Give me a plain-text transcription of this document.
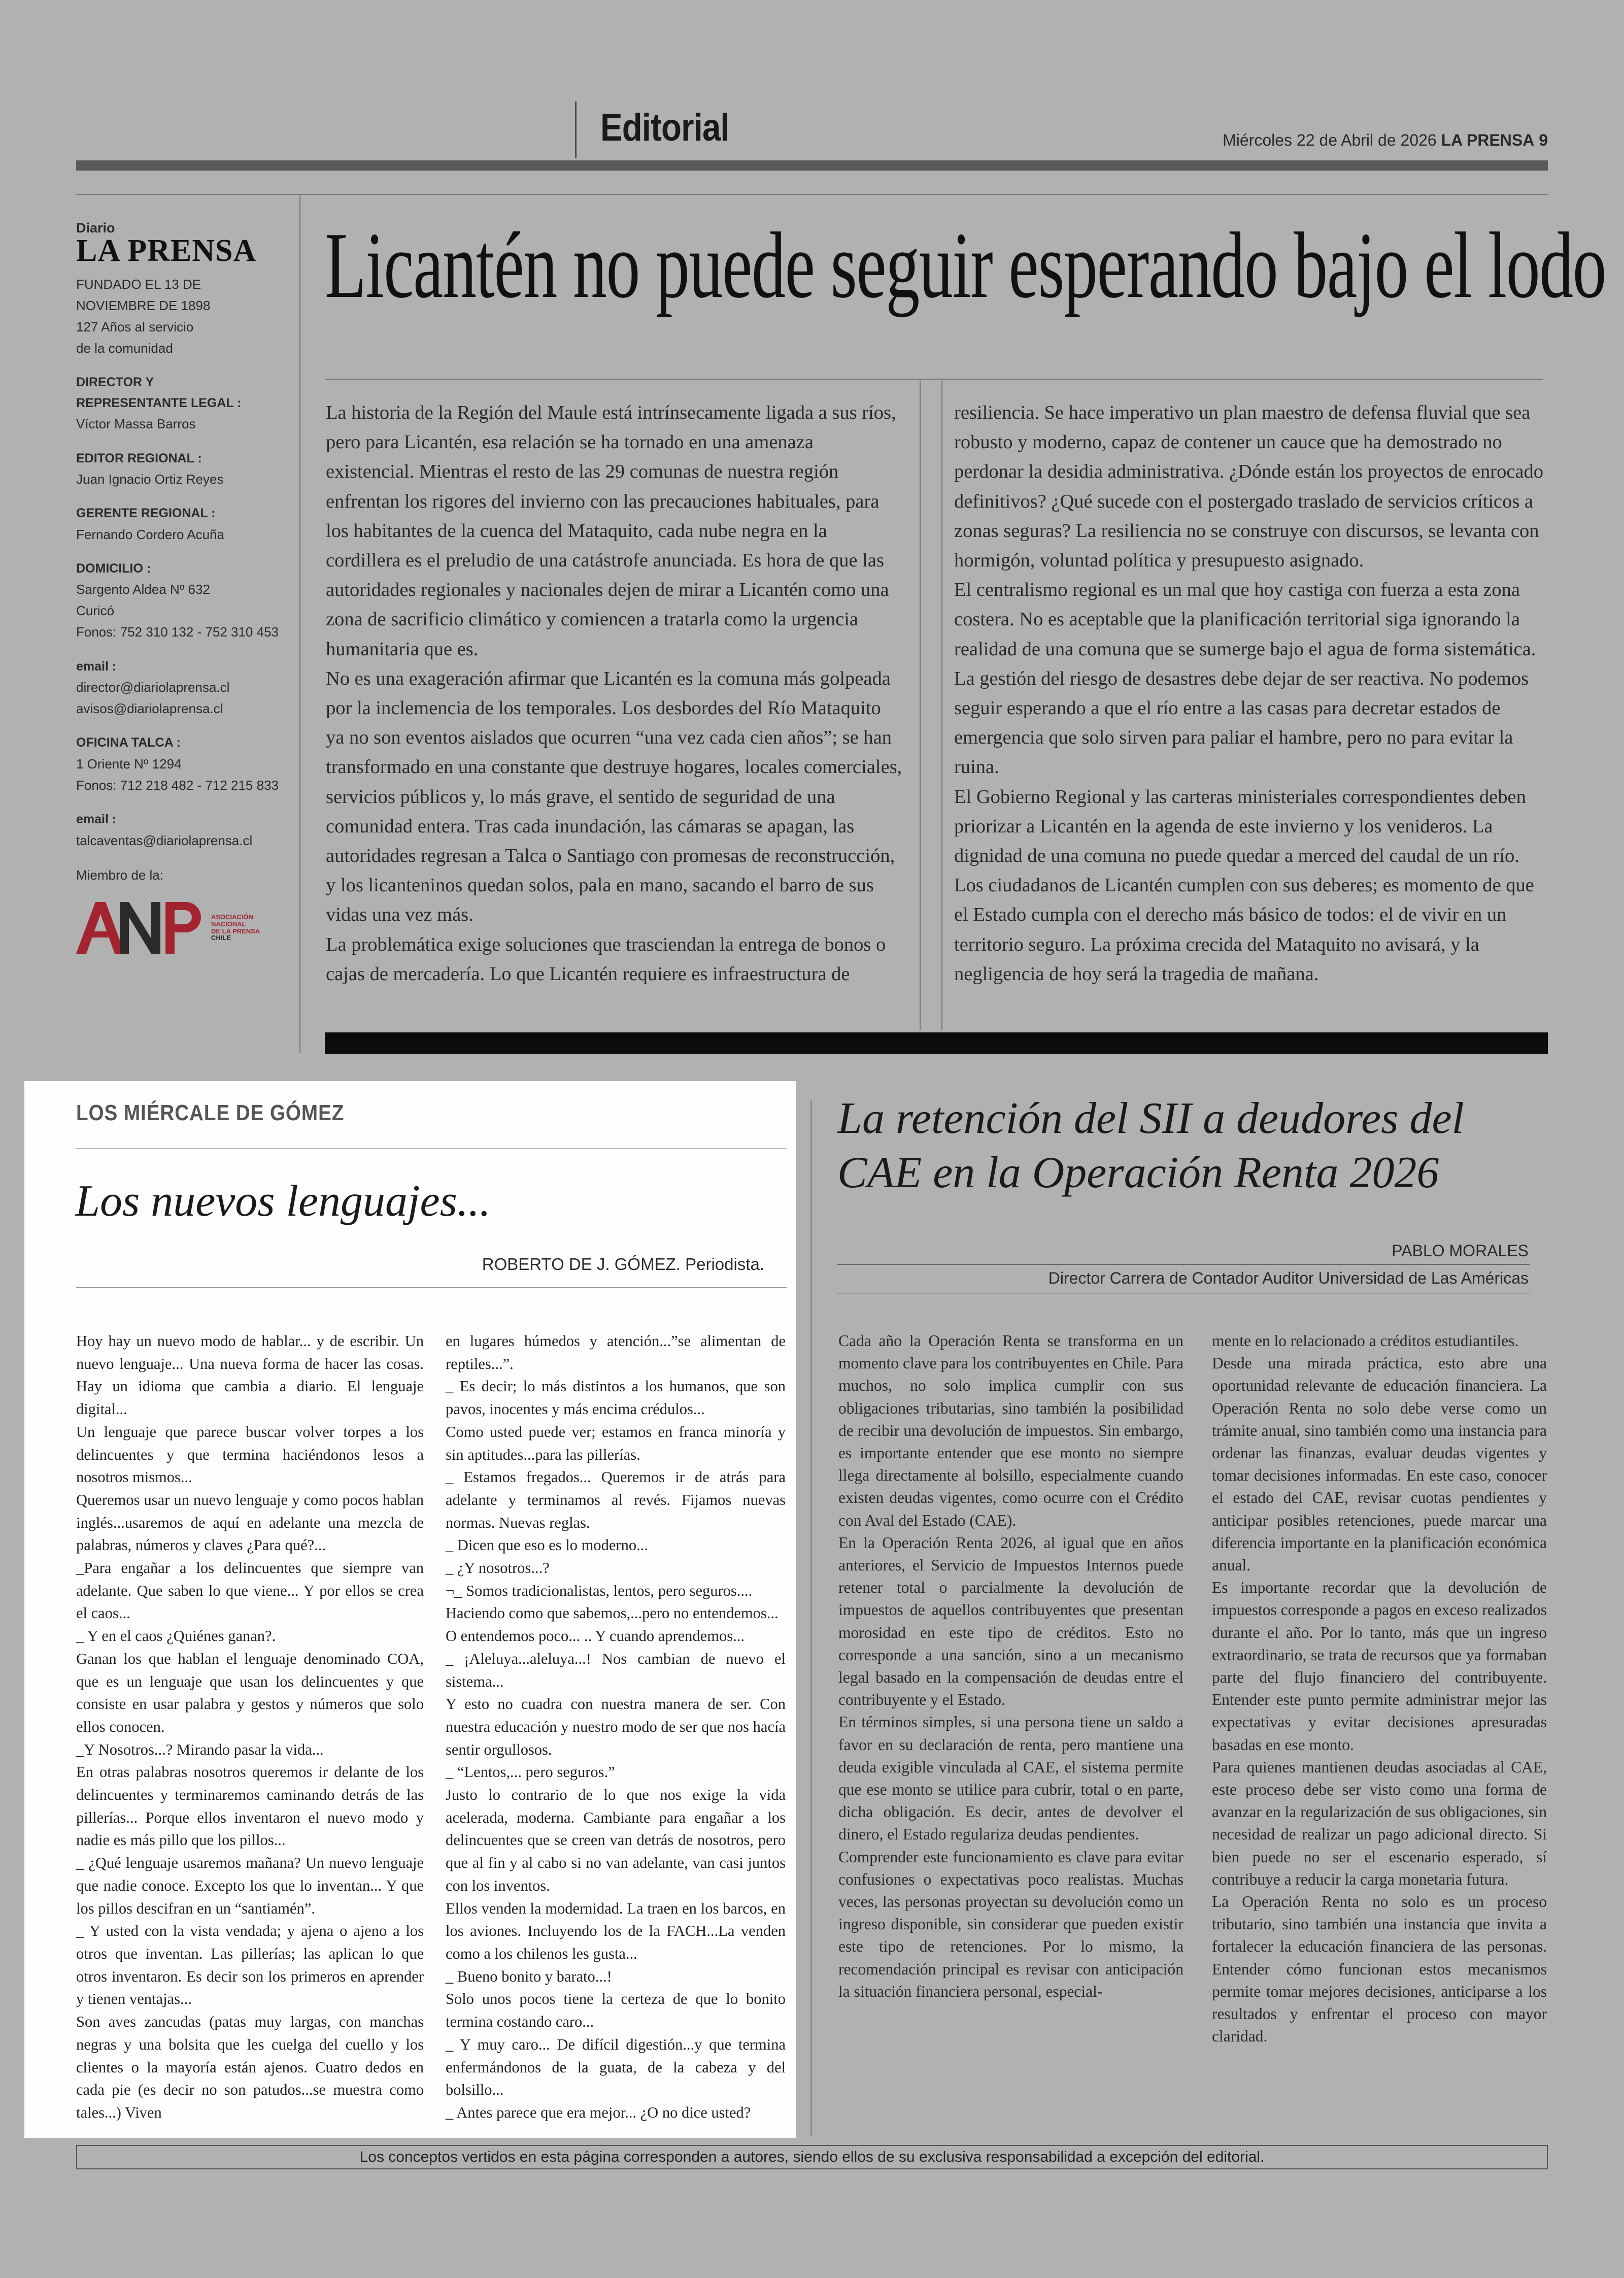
Editorial	Miércoles 22 de Abril de 2026 LA PRENSA 9
Diario
LA PRENSA

FUNDADO EL 13 DE

NOVIEMBRE DE 1898

127 Años al servicio

de la comunidad

DIRECTOR Y
REPRESENTANTE LEGAL :

Víctor Massa Barros

EDITOR REGIONAL :

Juan Ignacio Ortiz Reyes

GERENTE REGIONAL :

Fernando Cordero Acuña

DOMICILIO :

Sargento Aldea Nº 632

Curicó

Fonos: 752 310 132 - 752 310 453

email :

director@diariolaprensa.cl

avisos@diariolaprensa.cl

OFICINA TALCA :

1 Oriente Nº 1294

Fonos: 712 218 482 - 712 215 833

email :

talcaventas@diariolaprensa.cl

Miembro de la:

ASOCIACIÓN
NACIONAL
DE LA PRENSA
CHILE
Licantén no puede seguir esperando bajo el lodo

La historia de la Región del Maule está intrínsecamente ligada a sus ríos, pero para Licantén, esa relación se ha tornado en una amenaza existencial. Mientras el resto de las 29 comunas de nuestra región enfrentan los rigores del invierno con las precauciones habituales, para los habitantes de la cuenca del Mataquito, cada nube negra en la cordillera es el preludio de una catástrofe anunciada. Es hora de que las autoridades regionales y nacionales dejen de mirar a Licantén como una zona de sacrificio climático y comiencen a tratarla como la urgencia humanitaria que es.

No es una exageración afirmar que Licantén es la comuna más golpeada por la inclemencia de los temporales. Los desbordes del Río Mataquito ya no son eventos aislados que ocurren “una vez cada cien años”; se han transformado en una constante que destruye hogares, locales comerciales, servicios públicos y, lo más grave, el sentido de seguridad de una comunidad entera. Tras cada inundación, las cámaras se apagan, las autoridades regresan a Talca o Santiago con promesas de reconstrucción, y los licanteninos quedan solos, pala en mano, sacando el barro de sus vidas una vez más.

La problemática exige soluciones que trasciendan la entrega de bonos o cajas de mercadería. Lo que Licantén requiere es infraestructura de

resiliencia. Se hace imperativo un plan maestro de defensa fluvial que sea robusto y moderno, capaz de contener un cauce que ha demostrado no perdonar la desidia administrativa. ¿Dónde están los proyectos de enrocado definitivos? ¿Qué sucede con el postergado traslado de servicios críticos a zonas seguras? La resiliencia no se construye con discursos, se levanta con hormigón, voluntad política y presupuesto asignado.

El centralismo regional es un mal que hoy castiga con fuerza a esta zona costera. No es aceptable que la planificación territorial siga ignorando la realidad de una comuna que se sumerge bajo el agua de forma sistemática. La gestión del riesgo de desastres debe dejar de ser reactiva. No podemos seguir esperando a que el río entre a las casas para decretar estados de emergencia que solo sirven para paliar el hambre, pero no para evitar la ruina.

El Gobierno Regional y las carteras ministeriales correspondientes deben priorizar a Licantén en la agenda de este invierno y los venideros. La dignidad de una comuna no puede quedar a merced del caudal de un río. Los ciudadanos de Licantén cumplen con sus deberes; es momento de que el Estado cumpla con el derecho más básico de todos: el de vivir en un territorio seguro. La próxima crecida del Mataquito no avisará, y la negligencia de hoy será la tragedia de mañana.

LOS MIÉRCALE DE GÓMEZ
Los nuevos lenguajes...
ROBERTO DE J. GÓMEZ. Periodista.

Hoy hay un nuevo modo de hablar... y de escribir. Un nuevo lenguaje... Una nueva forma de hacer las cosas. Hay un idioma que cambia a diario. El lenguaje digital...

Un lenguaje que parece buscar volver torpes a los delincuentes y que termina haciéndonos lesos a nosotros mismos...

Queremos usar un nuevo lenguaje y como pocos hablan inglés...usaremos de aquí en adelante una mezcla de palabras, números y claves ¿Para qué?...

_Para engañar a los delincuentes que siempre van adelante. Que saben lo que viene... Y por ellos se crea el caos...

_ Y en el caos ¿Quiénes ganan?.

Ganan los que hablan el lenguaje denominado COA, que es un lenguaje que usan los delincuentes y que consiste en usar palabra y gestos y números que solo ellos conocen.

_Y Nosotros...? Mirando pasar la vida...

En otras palabras nosotros queremos ir delante de los delincuentes y terminaremos caminando detrás de las pillerías... Porque ellos inventaron el nuevo modo y nadie es más pillo que los pillos...

_ ¿Qué lenguaje usaremos mañana? Un nuevo lenguaje que nadie conoce. Excepto los que lo inventan... Y que los pillos descifran en un “santiamén”.

_ Y usted con la vista vendada; y ajena o ajeno a los otros que inventan. Las pillerías; las aplican lo que otros inventaron. Es decir son los primeros en aprender y tienen ventajas...

Son aves zancudas (patas muy largas, con manchas negras y una bolsita que les cuelga del cuello y los clientes o la mayoría están ajenos. Cuatro dedos en cada pie (es decir no son patudos...se muestra como tales...) Viven

en lugares húmedos y atención...”se alimentan de reptiles...”.

_ Es decir; lo más distintos a los humanos, que son pavos, inocentes y más encima crédulos...

Como usted puede ver; estamos en franca minoría y sin aptitudes...para las pillerías.

_ Estamos fregados... Queremos ir de atrás para adelante y terminamos al revés. Fijamos nuevas normas. Nuevas reglas.

_ Dicen que eso es lo moderno...

_ ¿Y nosotros...?

¬_ Somos tradicionalistas, lentos, pero seguros....

Haciendo como que sabemos,...pero no entendemos...

O entendemos poco... .. Y cuando aprendemos...

_ ¡Aleluya...aleluya...! Nos cambian de nuevo el sistema...

Y esto no cuadra con nuestra manera de ser. Con nuestra educación y nuestro modo de ser que nos hacía sentir orgullosos.

_ “Lentos,... pero seguros.”

Justo lo contrario de lo que nos exige la vida acelerada, moderna. Cambiante para engañar a los delincuentes que se creen van detrás de nosotros, pero que al fin y al cabo si no van adelante, van casi juntos con los inventos.

Ellos venden la modernidad. La traen en los barcos, en los aviones. Incluyendo los de la FACH...La venden como a los chilenos les gusta...

_ Bueno bonito y barato...!

Solo unos pocos tiene la certeza de que lo bonito termina costando caro...

_ Y muy caro... De difícil digestión...y que termina enfermándonos de la guata, de la cabeza y del bolsillo...

_ Antes parece que era mejor... ¿O no dice usted?

La retención del SII a deudores del CAE en la Operación Renta 2026
PABLO MORALES
Director Carrera de Contador Auditor Universidad de Las Américas

Cada año la Operación Renta se transforma en un momento clave para los contribuyentes en Chile. Para muchos, no solo implica cumplir con sus obligaciones tributarias, sino también la posibilidad de recibir una devolución de impuestos. Sin embargo, es importante entender que ese monto no siempre llega directamente al bolsillo, especialmente cuando existen deudas vigentes, como ocurre con el Crédito con Aval del Estado (CAE).

En la Operación Renta 2026, al igual que en años anteriores, el Servicio de Impuestos Internos puede retener total o parcialmente la devolución de impuestos de aquellos contribuyentes que presentan morosidad en este tipo de créditos. Esto no corresponde a una sanción, sino a un mecanismo legal basado en la compensación de deudas entre el contribuyente y el Estado.

En términos simples, si una persona tiene un saldo a favor en su declaración de renta, pero mantiene una deuda exigible vinculada al CAE, el sistema permite que ese monto se utilice para cubrir, total o en parte, dicha obligación. Es decir, antes de devolver el dinero, el Estado regulariza deudas pendientes.

Comprender este funcionamiento es clave para evitar confusiones o expectativas poco realistas. Muchas veces, las personas proyectan su devolución como un ingreso disponible, sin considerar que pueden existir este tipo de retenciones. Por lo mismo, la recomendación principal es revisar con anticipación la situación financiera personal, especial-

mente en lo relacionado a créditos estudiantiles.

Desde una mirada práctica, esto abre una oportunidad relevante de educación financiera. La Operación Renta no solo debe verse como un trámite anual, sino también como una instancia para ordenar las finanzas, evaluar deudas vigentes y tomar decisiones informadas. En este caso, conocer el estado del CAE, revisar cuotas pendientes y anticipar posibles retenciones, puede marcar una diferencia importante en la planificación económica anual.

Es importante recordar que la devolución de impuestos corresponde a pagos en exceso realizados durante el año. Por lo tanto, más que un ingreso extraordinario, se trata de recursos que ya formaban parte del flujo financiero del contribuyente. Entender este punto permite administrar mejor las expectativas y evitar decisiones apresuradas basadas en ese monto.

Para quienes mantienen deudas asociadas al CAE, este proceso debe ser visto como una forma de avanzar en la regularización de sus obligaciones, sin necesidad de realizar un pago adicional directo. Si bien puede no ser el escenario esperado, sí contribuye a reducir la carga monetaria futura.

La Operación Renta no solo es un proceso tributario, sino también una instancia que invita a fortalecer la educación financiera de las personas. Entender cómo funcionan estos mecanismos permite tomar mejores decisiones, anticiparse a los resultados y enfrentar el proceso con mayor claridad.

Los conceptos vertidos en esta página corresponden a autores, siendo ellos de su exclusiva responsabilidad a excepción del editorial.
